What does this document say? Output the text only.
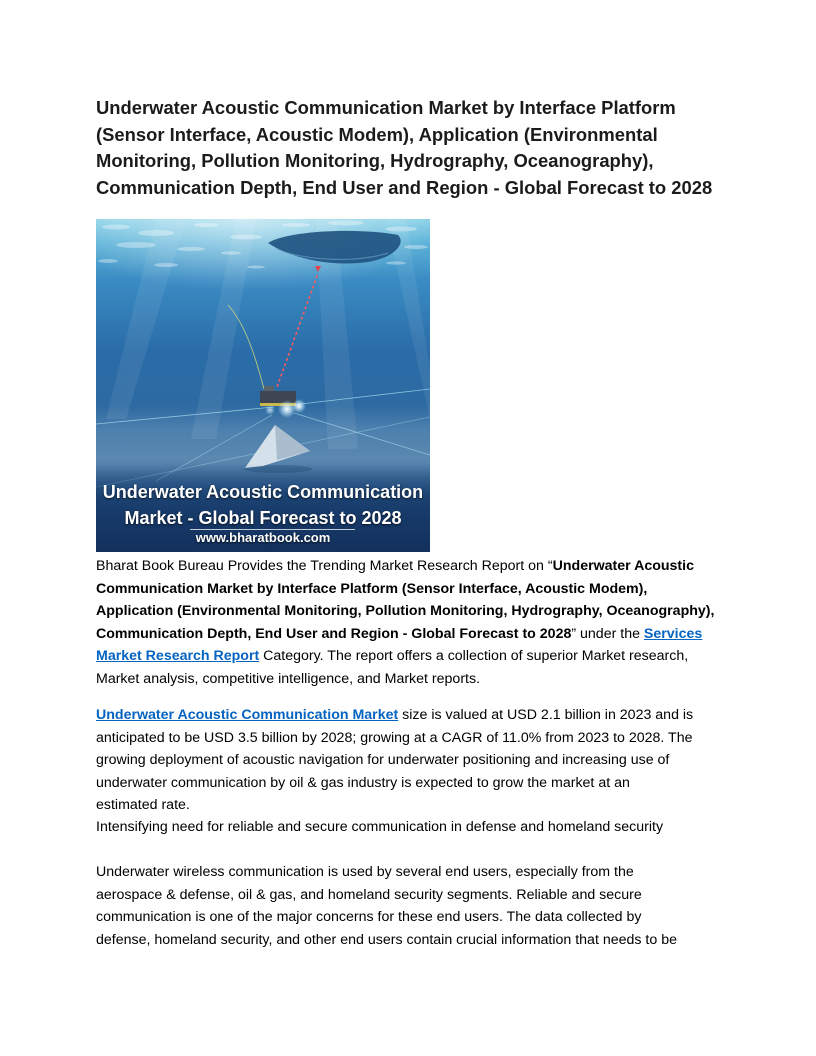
Underwater Acoustic Communication Market by Interface Platform
(Sensor Interface, Acoustic Modem), Application (Environmental
Monitoring, Pollution Monitoring, Hydrography, Oceanography),
Communication Depth, End User and Region - Global Forecast to 2028
Underwater Acoustic Communication
Market - Global Forecast to 2028
www.bharatbook.com

Bharat Book Bureau Provides the Trending Market Research Report on “Underwater Acoustic
Communication Market by Interface Platform (Sensor Interface, Acoustic Modem),
Application (Environmental Monitoring, Pollution Monitoring, Hydrography, Oceanography),
Communication Depth, End User and Region - Global Forecast to 2028” under the Services
Market Research Report Category. The report offers a collection of superior Market research,
Market analysis, competitive intelligence, and Market reports.

Underwater Acoustic Communication Market size is valued at USD 2.1 billion in 2023 and is
anticipated to be USD 3.5 billion by 2028; growing at a CAGR of 11.0% from 2023 to 2028. The
growing deployment of acoustic navigation for underwater positioning and increasing use of
underwater communication by oil & gas industry is expected to grow the market at an
estimated rate.

Intensifying need for reliable and secure communication in defense and homeland security

Underwater wireless communication is used by several end users, especially from the
aerospace & defense, oil & gas, and homeland security segments. Reliable and secure
communication is one of the major concerns for these end users. The data collected by
defense, homeland security, and other end users contain crucial information that needs to be
